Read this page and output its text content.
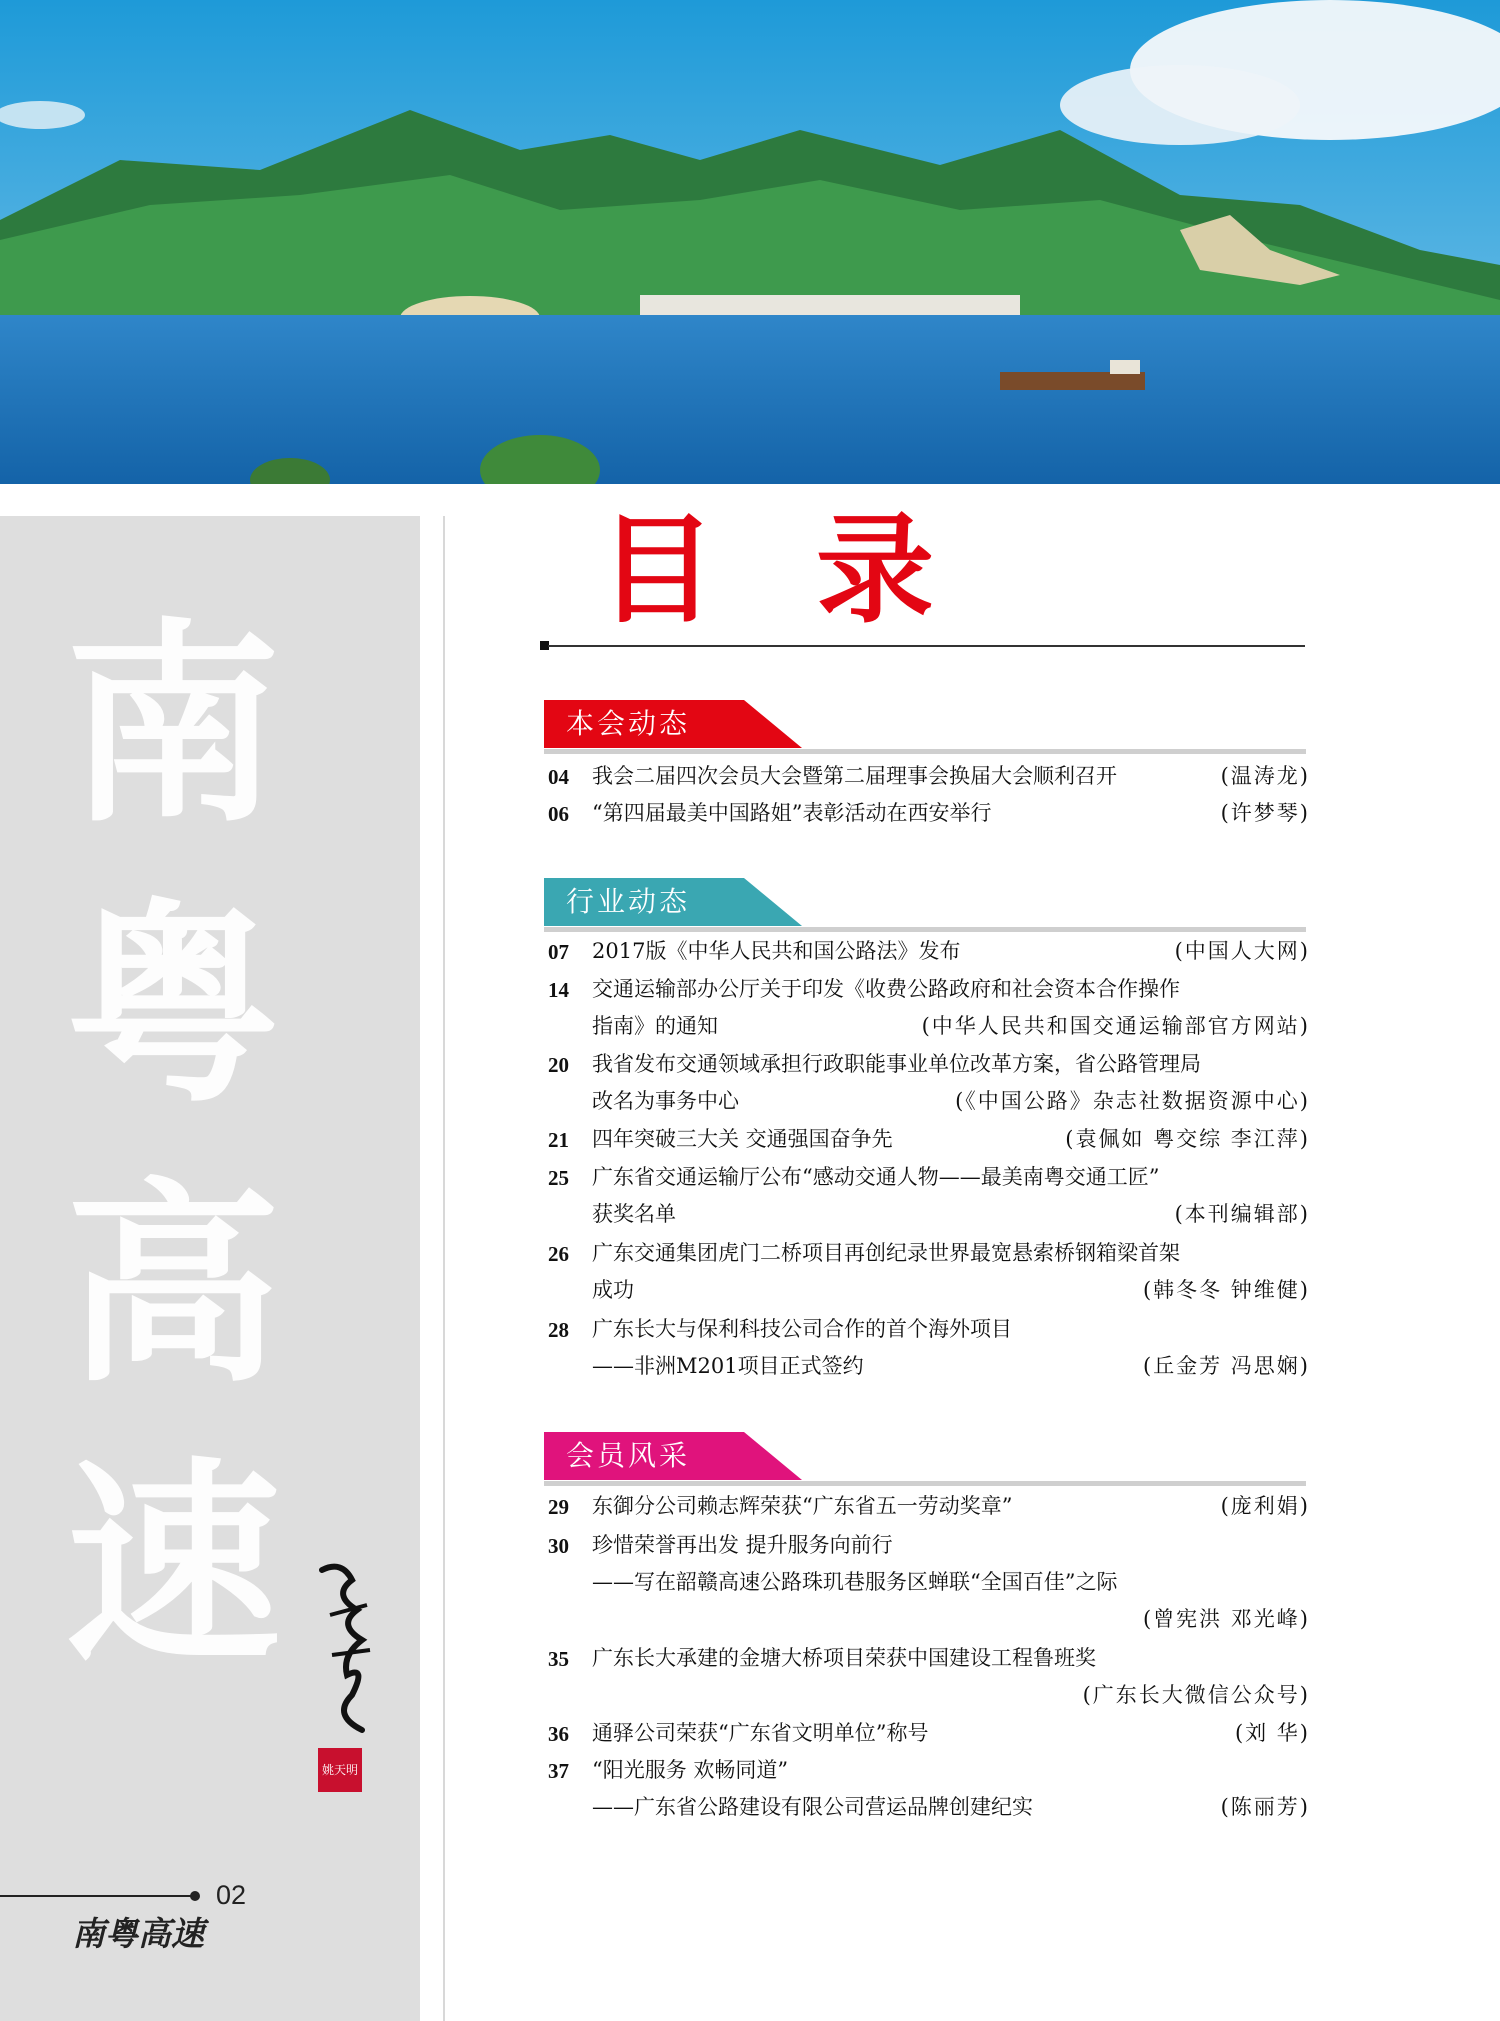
南
粤
高
速
姚天明
02
南粤高速
目录
本会动态
04 我会二届四次会员大会暨第二届理事会换届大会顺利召开	(温涛龙)
06 “第四届最美中国路姐”表彰活动在西安举行	(许梦琴)
行业动态
07 2017版《中华人民共和国公路法》发布	(中国人大网)
14 交通运输部办公厅关于印发《收费公路政府和社会资本合作操作
指南》的通知	(中华人民共和国交通运输部官方网站)
20 我省发布交通领域承担行政职能事业单位改革方案，省公路管理局
改名为事务中心	(《中国公路》杂志社数据资源中心)
21 四年突破三大关 交通强国奋争先	(袁佩如 粤交综 李江萍)
25 广东省交通运输厅公布“感动交通人物——最美南粤交通工匠”
获奖名单	(本刊编辑部)
26 广东交通集团虎门二桥项目再创纪录世界最宽悬索桥钢箱梁首架
成功	(韩冬冬 钟维健)
28 广东长大与保利科技公司合作的首个海外项目
——非洲M201项目正式签约	(丘金芳 冯思娴)
会员风采
29 东御分公司赖志辉荣获“广东省五一劳动奖章”	(庞利娟)
30 珍惜荣誉再出发 提升服务向前行
——写在韶赣高速公路珠玑巷服务区蝉联“全国百佳”之际
(曾宪洪 邓光峰)
35 广东长大承建的金塘大桥项目荣获中国建设工程鲁班奖
(广东长大微信公众号)
36 通驿公司荣获“广东省文明单位”称号	(刘 华)
37 “阳光服务 欢畅同道”
——广东省公路建设有限公司营运品牌创建纪实	(陈丽芳)
